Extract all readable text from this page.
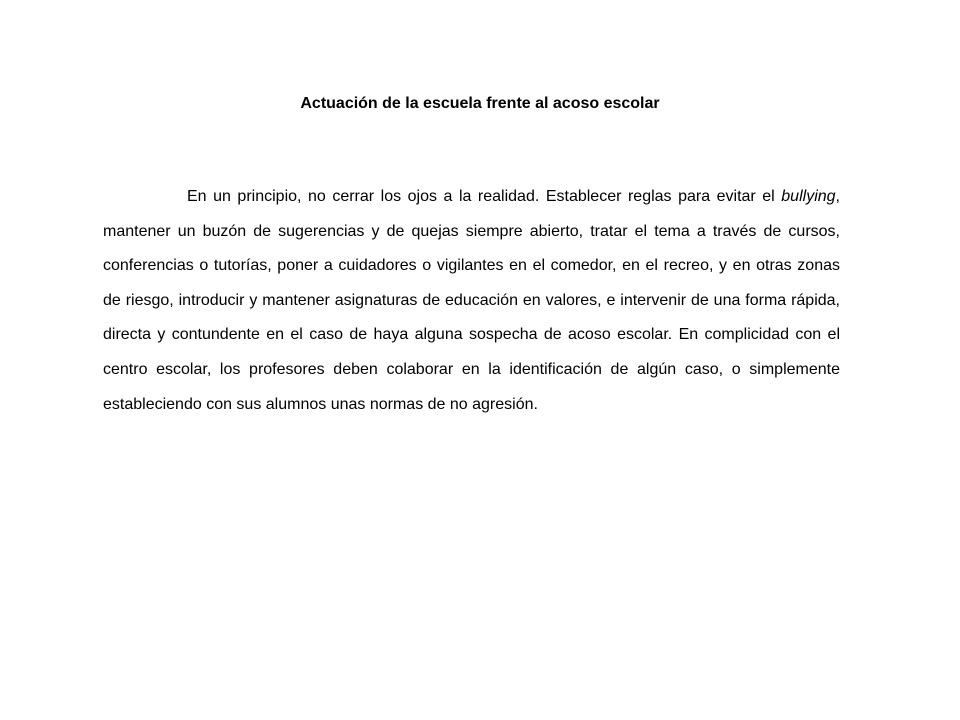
Actuación de la escuela frente al acoso escolar

En un principio, no cerrar los ojos a la realidad. Establecer reglas para evitar el bullying, mantener un buzón de sugerencias y de quejas siempre abierto, tratar el tema a través de cursos, conferencias o tutorías, poner a cuidadores o vigilantes en el comedor, en el recreo, y en otras zonas de riesgo, introducir y mantener asignaturas de educación en valores, e intervenir de una forma rápida, directa y contundente en el caso de haya alguna sospecha de acoso escolar. En complicidad con el centro escolar, los profesores deben colaborar en la identificación de algún caso, o simplemente estableciendo con sus alumnos unas normas de no agresión.
